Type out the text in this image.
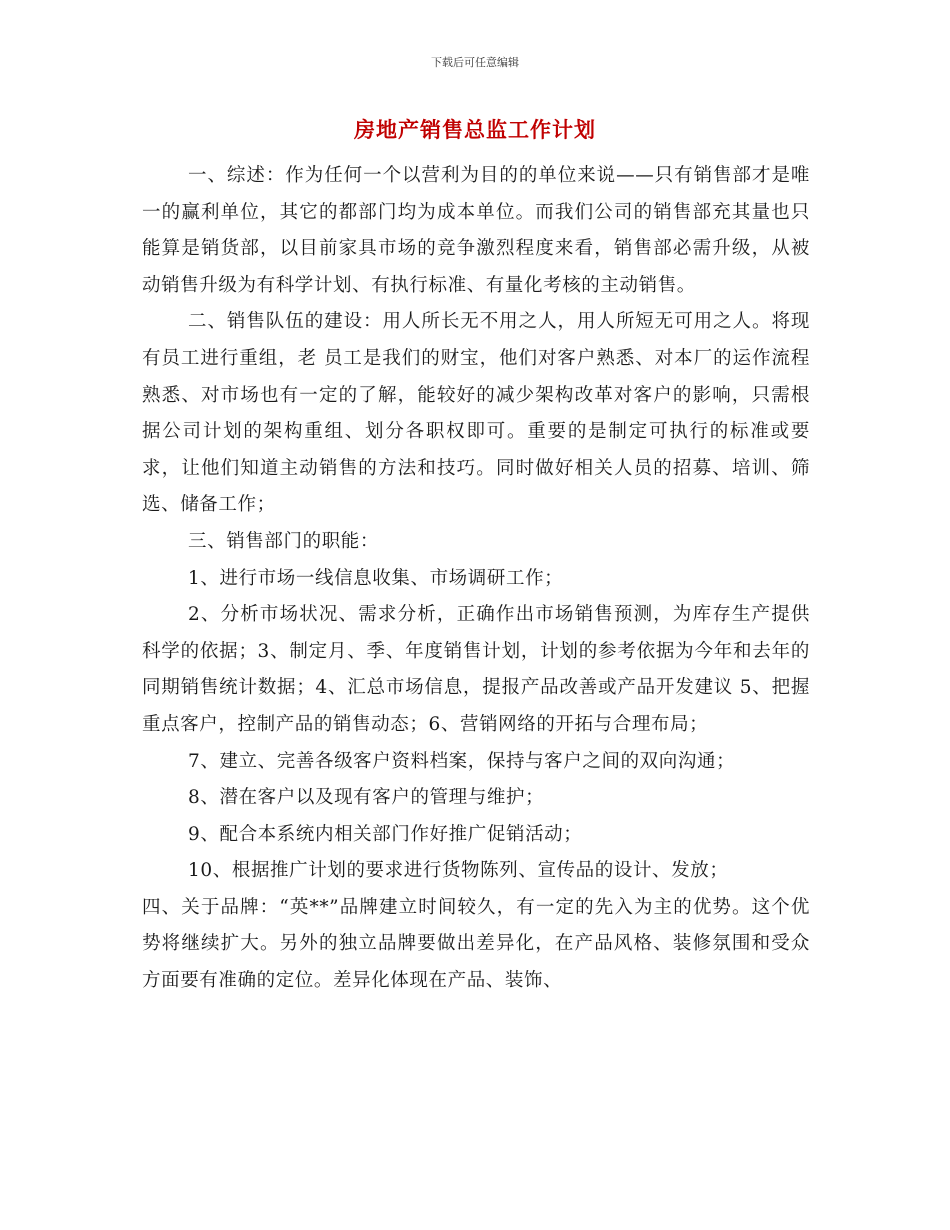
下载后可任意编辑
房地产销售总监工作计划

一、综述：作为任何一个以营利为目的的单位来说——只有销售部才是唯一的赢利单位，其它的都部门均为成本单位。而我们公司的销售部充其量也只能算是销货部，以目前家具市场的竞争激烈程度来看，销售部必需升级，从被动销售升级为有科学计划、有执行标准、有量化考核的主动销售。

二、销售队伍的建设：用人所长无不用之人，用人所短无可用之人。将现有员工进行重组，老 员工是我们的财宝，他们对客户熟悉、对本厂的运作流程熟悉、对市场也有一定的了解，能较好的减少架构改革对客户的影响，只需根据公司计划的架构重组、划分各职权即可。重要的是制定可执行的标准或要求，让他们知道主动销售的方法和技巧。同时做好相关人员的招募、培训、筛选、储备工作；

三、销售部门的职能：

1、进行市场一线信息收集、市场调研工作；

2、分析市场状况、需求分析，正确作出市场销售预测，为库存生产提供科学的依据；3、制定月、季、年度销售计划，计划的参考依据为今年和去年的同期销售统计数据；4、汇总市场信息，提报产品改善或产品开发建议 5、把握重点客户，控制产品的销售动态；6、营销网络的开拓与合理布局；

7、建立、完善各级客户资料档案，保持与客户之间的双向沟通；

8、潜在客户以及现有客户的管理与维护；

9、配合本系统内相关部门作好推广促销活动；

10、根据推广计划的要求进行货物陈列、宣传品的设计、发放；

四、关于品牌：“英**”品牌建立时间较久，有一定的先入为主的优势。这个优势将继续扩大。另外的独立品牌要做出差异化，在产品风格、装修氛围和受众方面要有准确的定位。差异化体现在产品、装饰、
